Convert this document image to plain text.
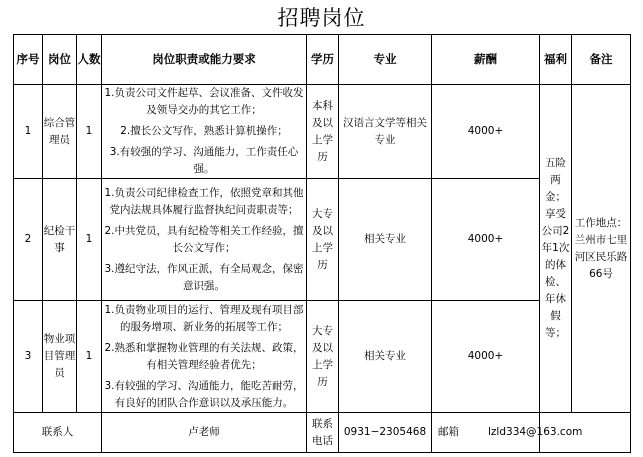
招聘岗位
序号	岗位	人数	岗位职责或能力要求	学历	专业	薪酬	福利	备注
1	综合管理员	1	1.负责公司文件起草、会议准备、文件收发及领导交办的其它工作；

2.擅长公文写作，熟悉计算机操作；

3.有较强的学习、沟通能力，工作责任心强。	本科及以上学历	汉语言文学等相关专业	4000+	五险两金；享受公司2年1次的体检、年休假等；	工作地点：兰州市七里河区民乐路66号
2	纪检干事	1	1.负责公司纪律检查工作，依照党章和其他党内法规具体履行监督执纪问责职责等；

2.中共党员，具有纪检等相关工作经验，擅长公文写作；

3.遵纪守法，作风正派，有全局观念，保密意识强。	大专及以上学历	相关专业	4000+		
3	物业项目管理员	1	1.负责物业项目的运行、管理及现有项目部的服务增项、新业务的拓展等工作；

2.熟悉和掌握物业管理的有关法规、政策，有相关管理经验者优先；

3.有较强的学习、沟通能力，能吃苦耐劳，有良好的团队合作意识以及承压能力。	大专及以上学历	相关专业	4000+		
联系人			卢老师	联系电话	0931−2305468	邮箱	lzld334@163.com	
